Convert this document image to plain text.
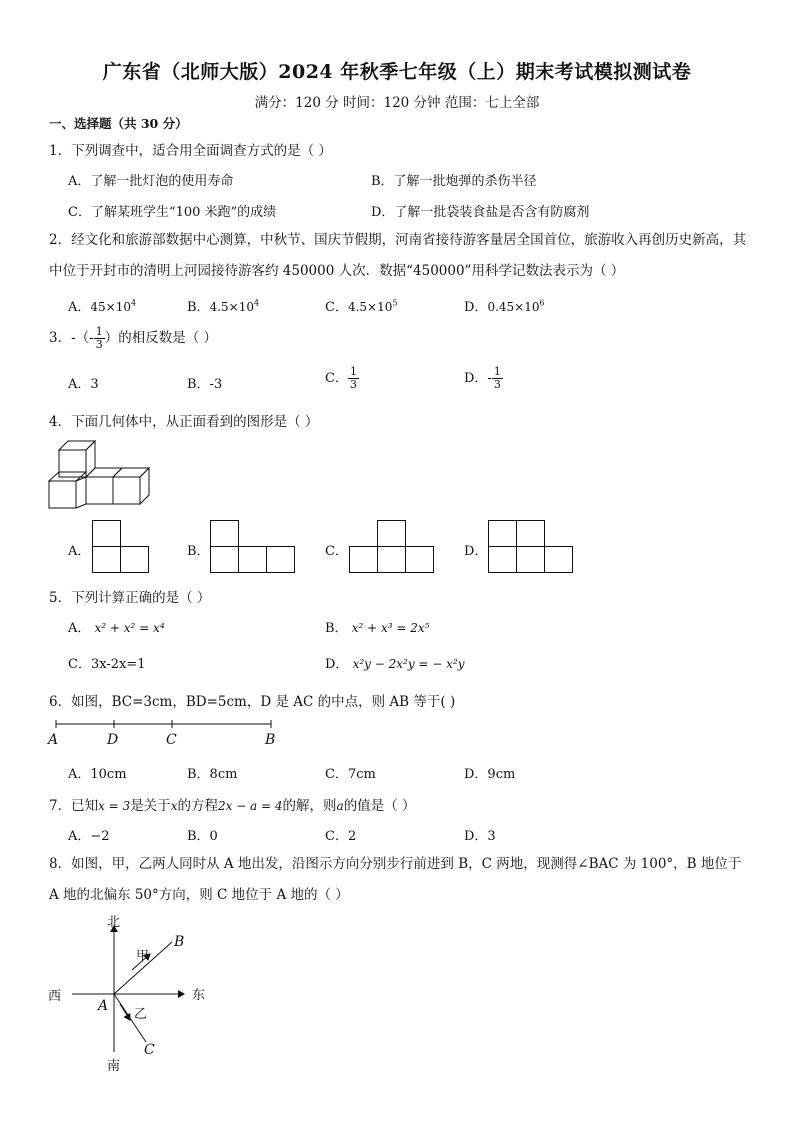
广东省（北师大版）2024 年秋季七年级（上）期末考试模拟测试卷
满分：120 分 时间：120 分钟 范围：七上全部
一、选择题（共 30 分）
1．下列调查中，适合用全面调查方式的是（ ）
A．了解一批灯泡的使用寿命	B．了解一批炮弹的杀伤半径
C．了解某班学生“100 米跑”的成绩	D．了解一批袋装食盐是否含有防腐剂
2．经文化和旅游部数据中心测算，中秋节、国庆节假期，河南省接待游客量居全国首位，旅游收入再创历史新高，其中位于开封市的清明上河园接待游客约 450000 人次．数据“450000”用科学记数法表示为（ ）
A．$45\times 10^4$	B．$4.5\times 10^4$	C．$4.5\times 10^5$	D．$0.45\times 10^6$
3．-（- $\frac{1}{3}$ ）的相反数是（ ）
A．3	B．-3	C． $\frac{1}{3}$	D．- $\frac{1}{3}$
4．下面几何体中，从正面看到的图形是（ ）
A．	B．	C．	D．
5．下列计算正确的是（ ）
A． x² + x² = x⁴	B． x² + x³ = 2x⁵
C．3x-2x=1	D． x²y − 2x²y = − x²y
6．如图，BC=3cm，BD=5cm，D 是 AC 的中点，则 AB 等于( )
A	D	C	B
A．10cm	B．8cm	C．7cm	D．9cm
7．已知x = 3是关于x的方程2x − a = 4的解，则a的值是（ ）
A．−2	B．0	C．2	D．3
8．如图，甲，乙两人同时从 A 地出发，沿图示方向分别步行前进到 B，C 两地，现测得∠BAC 为 100°，B 地位于 A 地的北偏东 50°方向，则 C 地位于 A 地的（ ）
北
南
东
西
甲
乙
A
B
C
